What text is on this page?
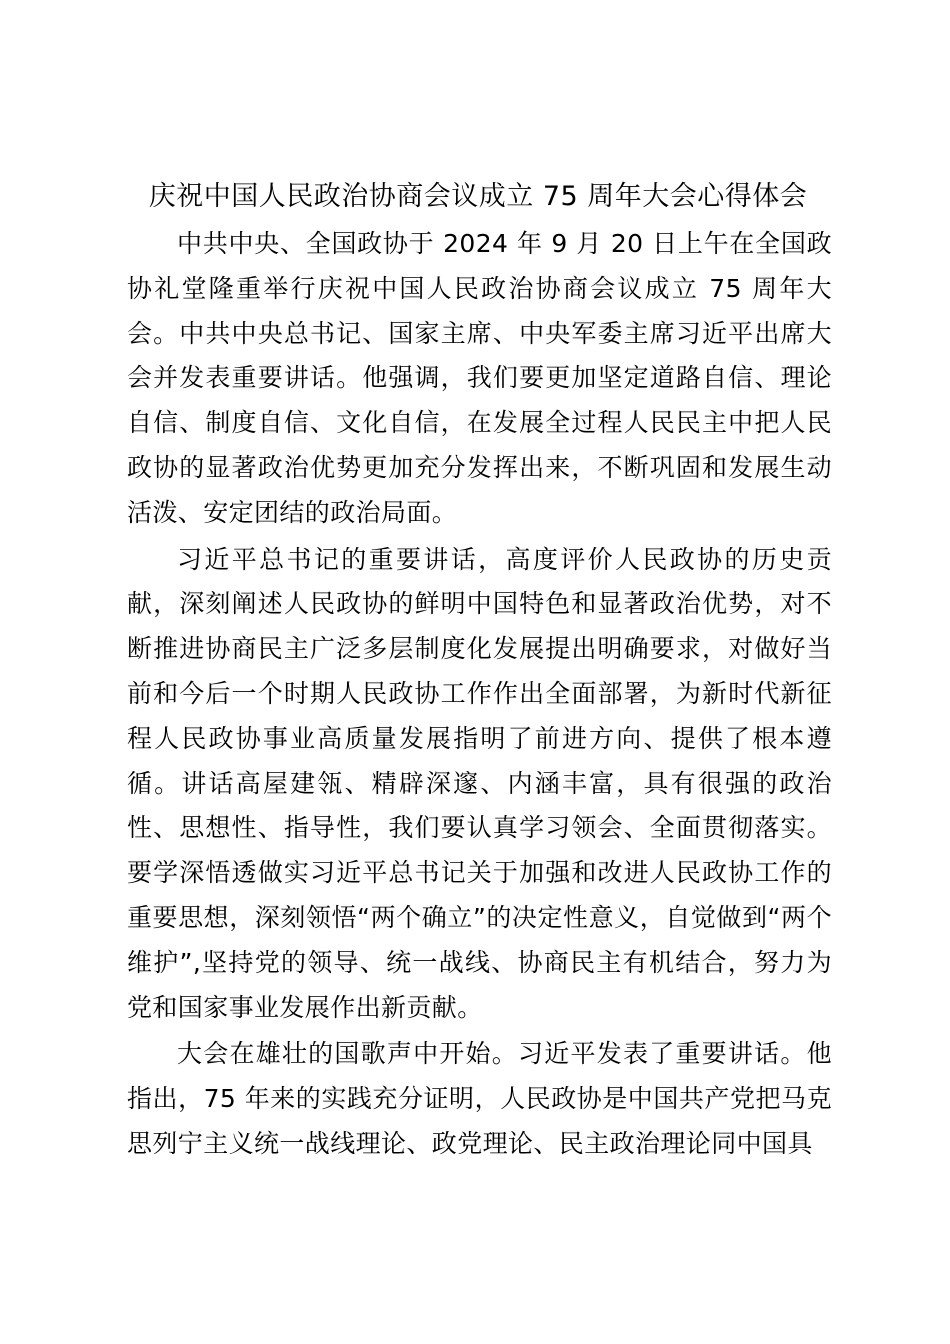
庆祝中国人民政治协商会议成立 75 周年大会心得体会

中共中央、全国政协于 2024 年 9 月 20 日上午在全国政协礼堂隆重举行庆祝中国人民政治协商会议成立 75 周年大会。中共中央总书记、国家主席、中央军委主席习近平出席大会并发表重要讲话。他强调，我们要更加坚定道路自信、理论自信、制度自信、文化自信，在发展全过程人民民主中把人民政协的显著政治优势更加充分发挥出来，不断巩固和发展生动活泼、安定团结的政治局面。

习近平总书记的重要讲话，高度评价人民政协的历史贡献，深刻阐述人民政协的鲜明中国特色和显著政治优势，对不断推进协商民主广泛多层制度化发展提出明确要求，对做好当前和今后一个时期人民政协工作作出全面部署，为新时代新征程人民政协事业高质量发展指明了前进方向、提供了根本遵循。讲话高屋建瓴、精辟深邃、内涵丰富，具有很强的政治性、思想性、指导性，我们要认真学习领会、全面贯彻落实。要学深悟透做实习近平总书记关于加强和改进人民政协工作的重要思想，深刻领悟“两个确立”的决定性意义，自觉做到“两个维护”,坚持党的领导、统一战线、协商民主有机结合，努力为党和国家事业发展作出新贡献。

大会在雄壮的国歌声中开始。习近平发表了重要讲话。他指出，75 年来的实践充分证明，人民政协是中国共产党把马克思列宁主义统一战线理论、政党理论、民主政治理论同中国具
